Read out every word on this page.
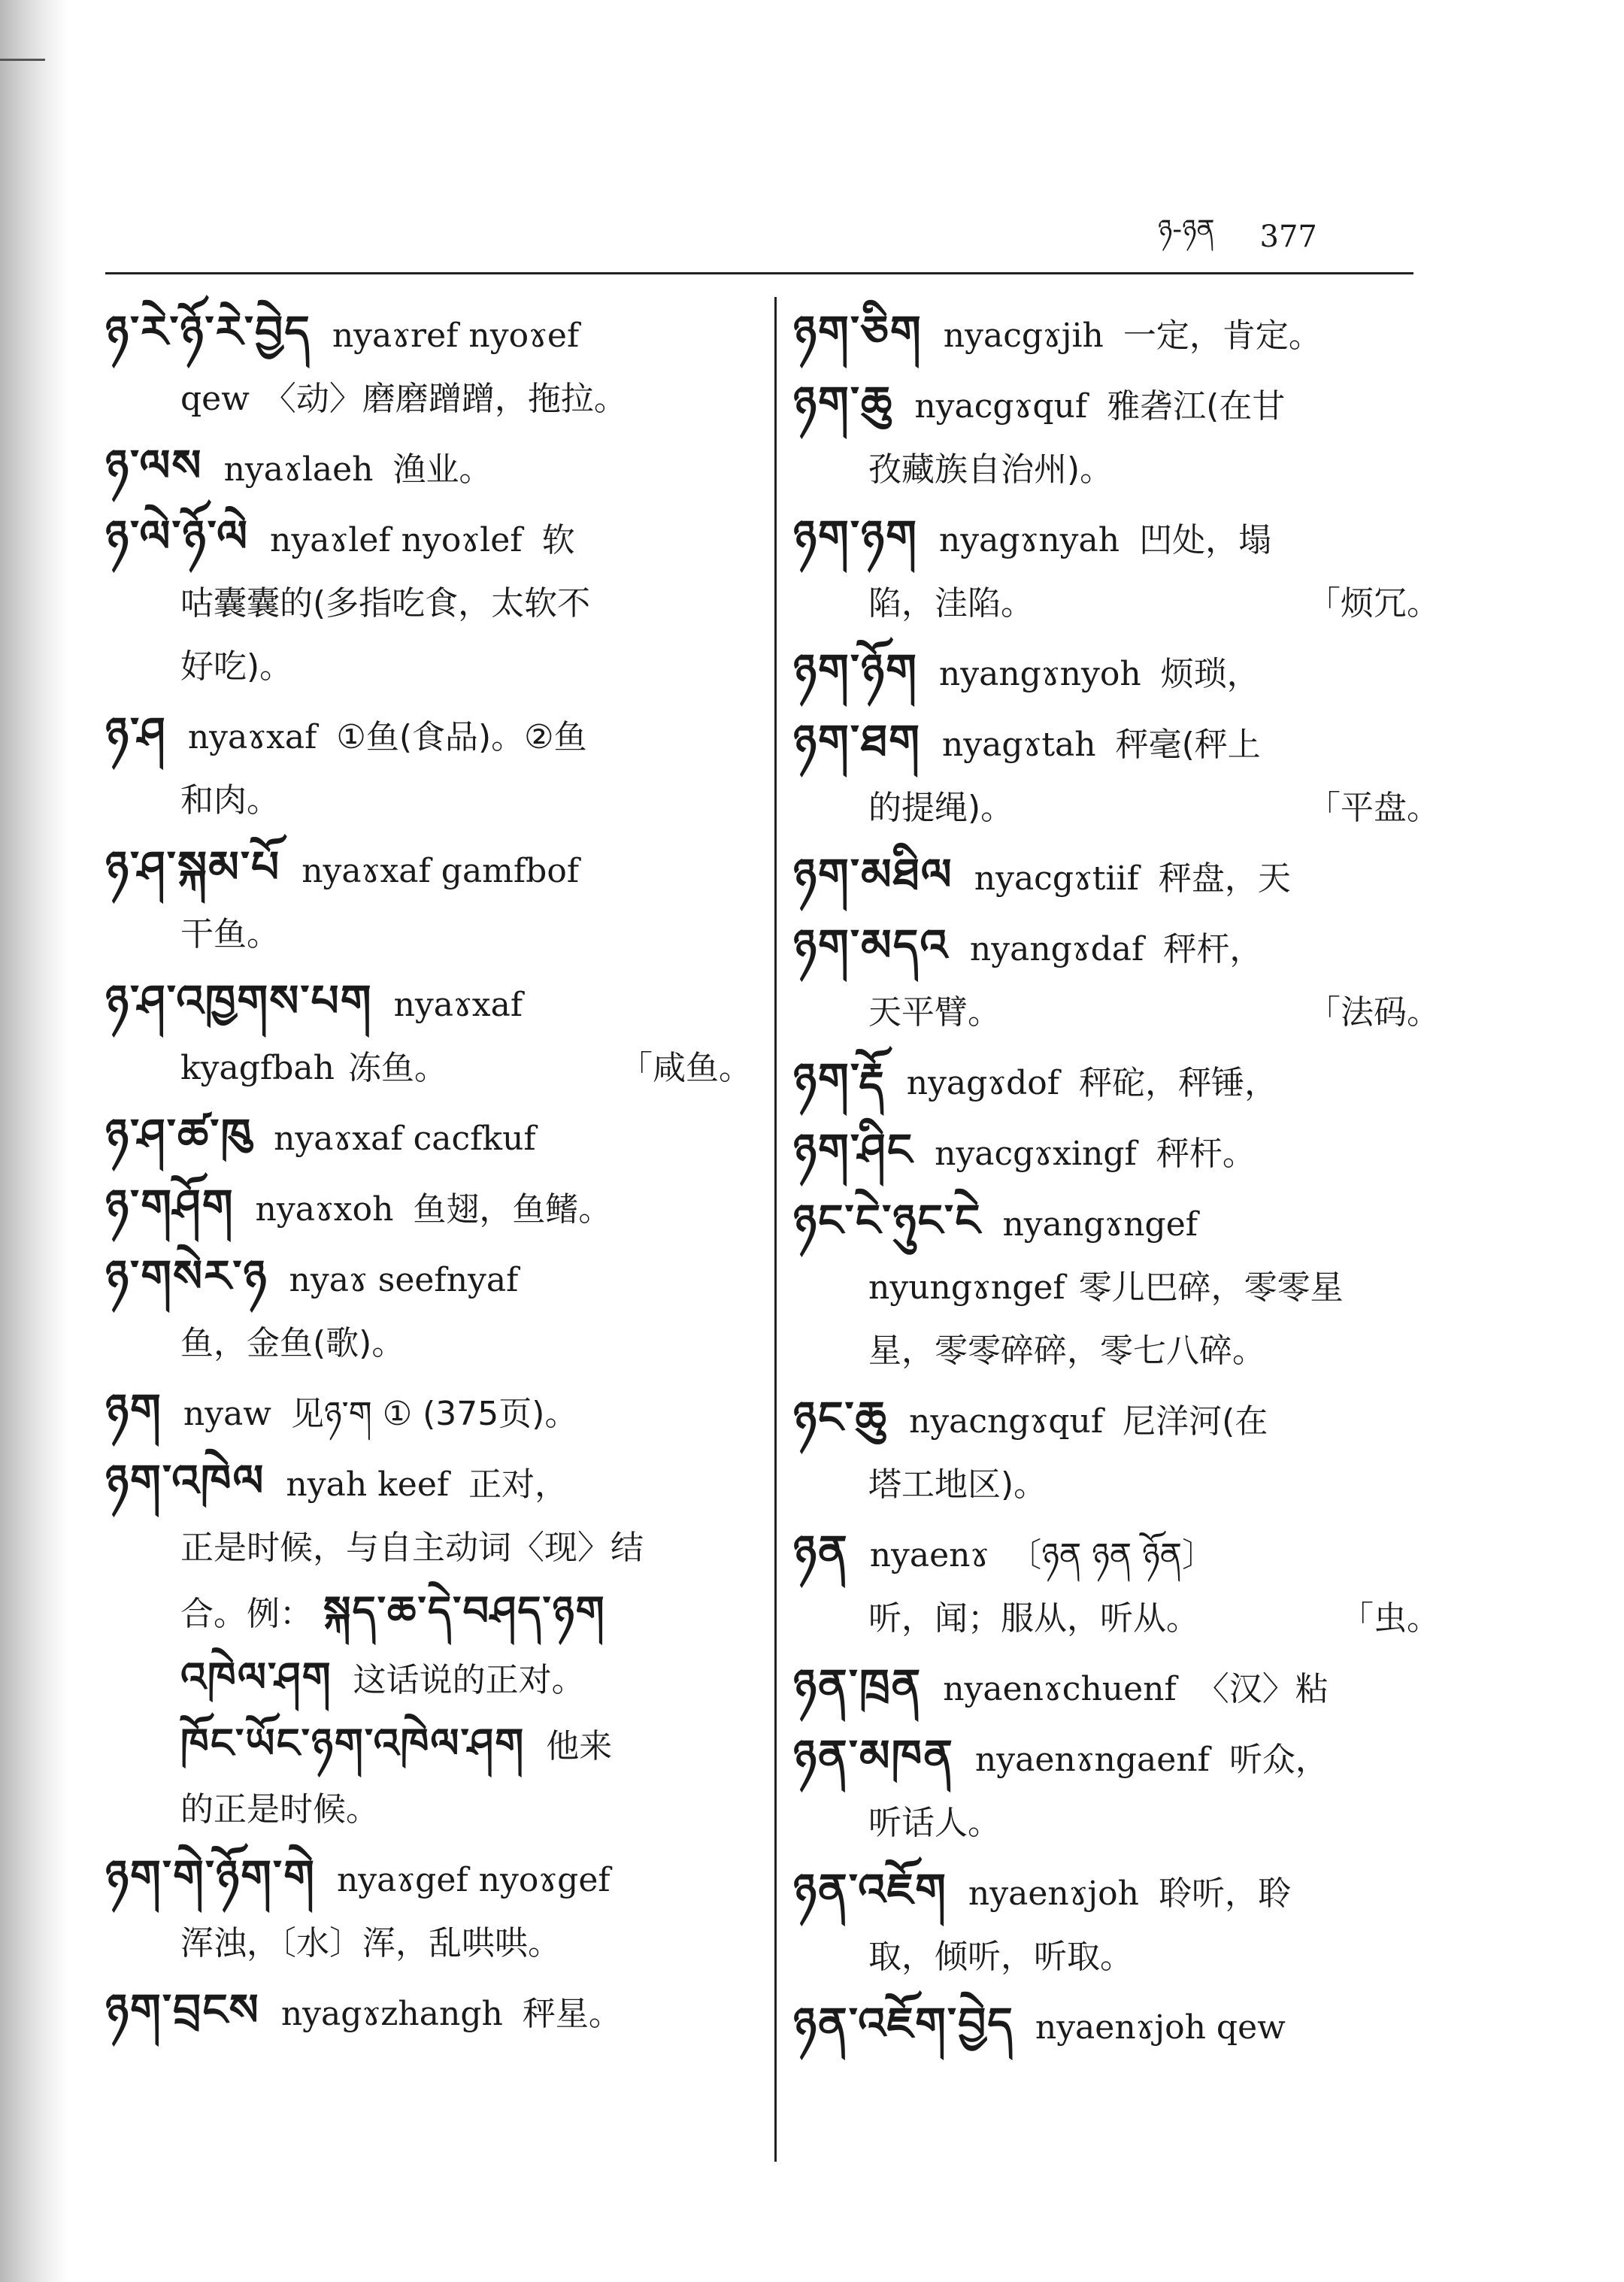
ཉ-ཉན 377
ཉ་རེ་ཉོ་རེ་བྱེད nyaɤref nyoɤef
qew 〈动〉磨磨蹭蹭，拖拉。
ཉ་ལས nyaɤlaeh 渔业。
ཉ་ལེ་ཉོ་ལེ nyaɤlef nyoɤlef 软
咕囊囊的(多指吃食，太软不
好吃)。
ཉ་ཤ nyaɤxaf ①鱼(食品)。②鱼
和肉。
ཉ་ཤ་སྐམ་པོ nyaɤxaf gamfbof
干鱼。
ཉ་ཤ་འཁྱགས་པག nyaɤxaf
kyagfbah 冻鱼。	「咸鱼。
ཉ་ཤ་ཚ་ཁུ nyaɤxaf cacfkuf
ཉ་གཤོག nyaɤxoh 鱼翅，鱼鳍。
ཉ་གསེར་ཉ nyaɤ seefnyaf
鱼，金鱼(歌)。
ཉག nyaw 见ཉ་ག ① (375页)。
ཉག་འཁེལ nyah keef 正对，
正是时候，与自主动词〈现〉结
合。例： སྐད་ཆ་དེ་བཤད་ཉག
འཁེལ་ཤག 这话说的正对。
ཁོང་ཡོང་ཉག་འཁེལ་ཤག 他来
的正是时候。
ཉག་གེ་ཉོག་གེ nyaɤgef nyoɤgef
浑浊，〔水〕浑，乱哄哄。
ཉག་བྲངས nyagɤzhangh 秤星。
ཉག་ཅིག nyacgɤjih 一定，肯定。
ཉག་ཆུ nyacgɤquf 雅砻江(在甘
孜藏族自治州)。
ཉག་ཉག nyagɤnyah 凹处，塌
陷，洼陷。	「烦冗。
ཉག་ཉོག nyangɤnyoh 烦琐，
ཉག་ཐག nyagɤtah 秤毫(秤上
的提绳)。	「平盘。
ཉག་མཐིལ nyacgɤtiif 秤盘，天
ཉག་མདའ nyangɤdaf 秤杆，
天平臂。	「法码。
ཉག་རྡོ nyagɤdof 秤砣，秤锤，
ཉག་ཤིང nyacgɤxingf 秤杆。
ཉང་ངེ་ཉུང་ངེ nyangɤngef
nyungɤngef 零儿巴碎，零零星
星，零零碎碎，零七八碎。
ཉང་ཆུ nyacngɤquf 尼洋河(在
塔工地区)。
ཉན nyaenɤ 〔ཉན ཉན ཉོན〕
听，闻；服从，听从。	「虫。
ཉན་ཁྲན nyaenɤchuenf 〈汉〉粘
ཉན་མཁན nyaenɤngaenf 听众，
听话人。
ཉན་འཇོག nyaenɤjoh 聆听，聆
取，倾听，听取。
ཉན་འཇོག་བྱེད nyaenɤjoh qew
